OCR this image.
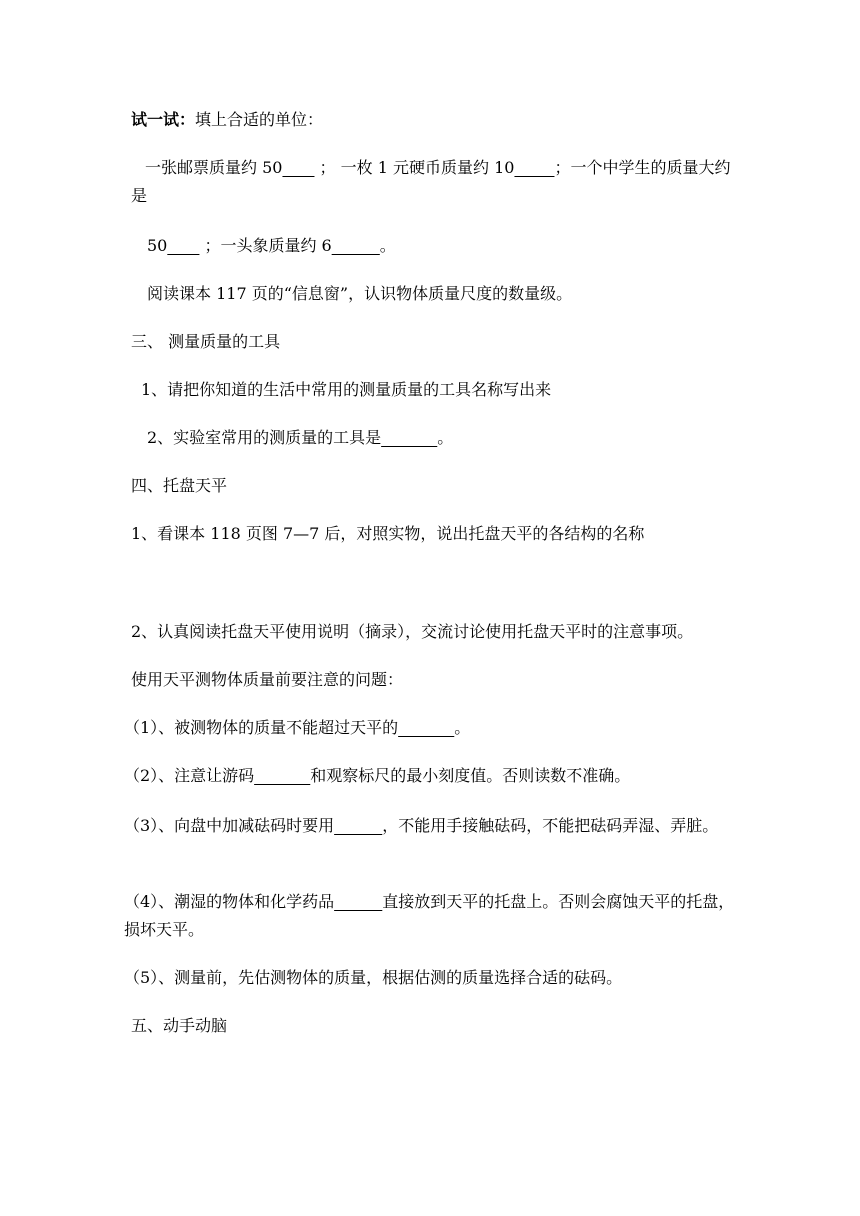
试一试：填上合适的单位：
一张邮票质量约 50____ ； 一枚 1 元硬币质量约 10_____；一个中学生的质量大约是
50____ ；一头象质量约 6______。
阅读课本 117 页的“信息窗”，认识物体质量尺度的数量级。
三、 测量质量的工具
1、请把你知道的生活中常用的测量质量的工具名称写出来
2、实验室常用的测质量的工具是_______。
四、托盘天平
1、看课本 118 页图 7—7 后，对照实物，说出托盘天平的各结构的名称
2、认真阅读托盘天平使用说明（摘录），交流讨论使用托盘天平时的注意事项。
使用天平测物体质量前要注意的问题：
（1）、被测物体的质量不能超过天平的_______。
（2）、注意让游码_______和观察标尺的最小刻度值。否则读数不准确。
（3）、向盘中加减砝码时要用______，不能用手接触砝码，不能把砝码弄湿、弄脏。
（4）、潮湿的物体和化学药品______直接放到天平的托盘上。否则会腐蚀天平的托盘，损坏天平。
（5）、测量前，先估测物体的质量，根据估测的质量选择合适的砝码。
五、动手动脑
